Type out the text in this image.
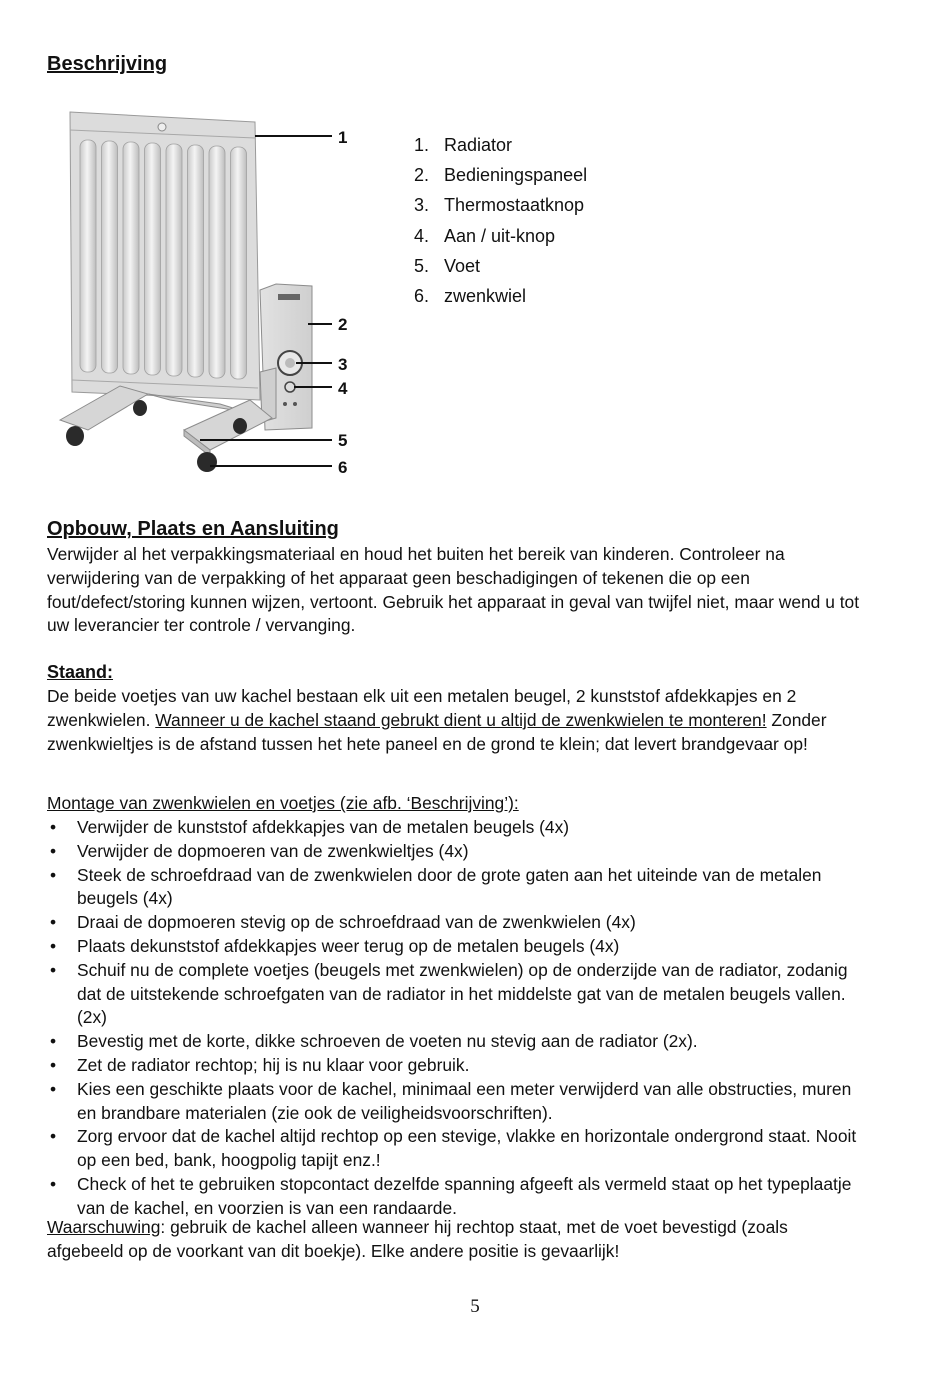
Beschrijving
1
2
3
4
5
6
1. Radiator
2. Bedieningspaneel
3. Thermostaatknop
4. Aan / uit-knop
5. Voet
6. zwenkwiel
Opbouw, Plaats en Aansluiting

Verwijder al het verpakkingsmateriaal en houd het buiten het bereik van kinderen. Controleer na verwijdering van de verpakking of het apparaat geen beschadigingen of tekenen die op een fout/defect/storing kunnen wijzen, vertoont. Gebruik het apparaat in geval van twijfel niet, maar wend u tot uw leverancier ter controle / vervanging.

Staand:

De beide voetjes van uw kachel bestaan elk uit een metalen beugel, 2 kunststof afdekkapjes en 2 zwenkwielen. Wanneer u de kachel staand gebrukt dient u altijd de zwenkwielen te monteren! Zonder zwenkwieltjes is de afstand tussen het hete paneel en de grond te klein; dat levert brandgevaar op!

Montage van zwenkwielen en voetjes (zie afb. ‘Beschrijving’):

• Verwijder de kunststof afdekkapjes van de metalen beugels (4x)
• Verwijder de dopmoeren van de zwenkwieltjes (4x)
• Steek de schroefdraad van de zwenkwielen door de grote gaten aan het uiteinde van de metalen beugels (4x)
• Draai de dopmoeren stevig op de schroefdraad van de zwenkwielen (4x)
• Plaats dekunststof afdekkapjes weer terug op de metalen beugels (4x)
• Schuif nu de complete voetjes (beugels met zwenkwielen) op de onderzijde van de radiator, zodanig dat de uitstekende schroefgaten van de radiator in het middelste gat van de metalen beugels vallen. (2x)
• Bevestig met de korte, dikke schroeven de voeten nu stevig aan de radiator (2x).
• Zet de radiator rechtop; hij is nu klaar voor gebruik.
• Kies een geschikte plaats voor de kachel, minimaal een meter verwijderd van alle obstructies, muren en brandbare materialen (zie ook de veiligheidsvoorschriften).
• Zorg ervoor dat de kachel altijd rechtop op een stevige, vlakke en horizontale ondergrond staat. Nooit op een bed, bank, hoogpolig tapijt enz.!
• Check of het te gebruiken stopcontact dezelfde spanning afgeeft als vermeld staat op het typeplaatje van de kachel, en voorzien is van een randaarde.

Waarschuwing: gebruik de kachel alleen wanneer hij rechtop staat, met de voet bevestigd (zoals afgebeeld op de voorkant van dit boekje). Elke andere positie is gevaarlijk!

5
